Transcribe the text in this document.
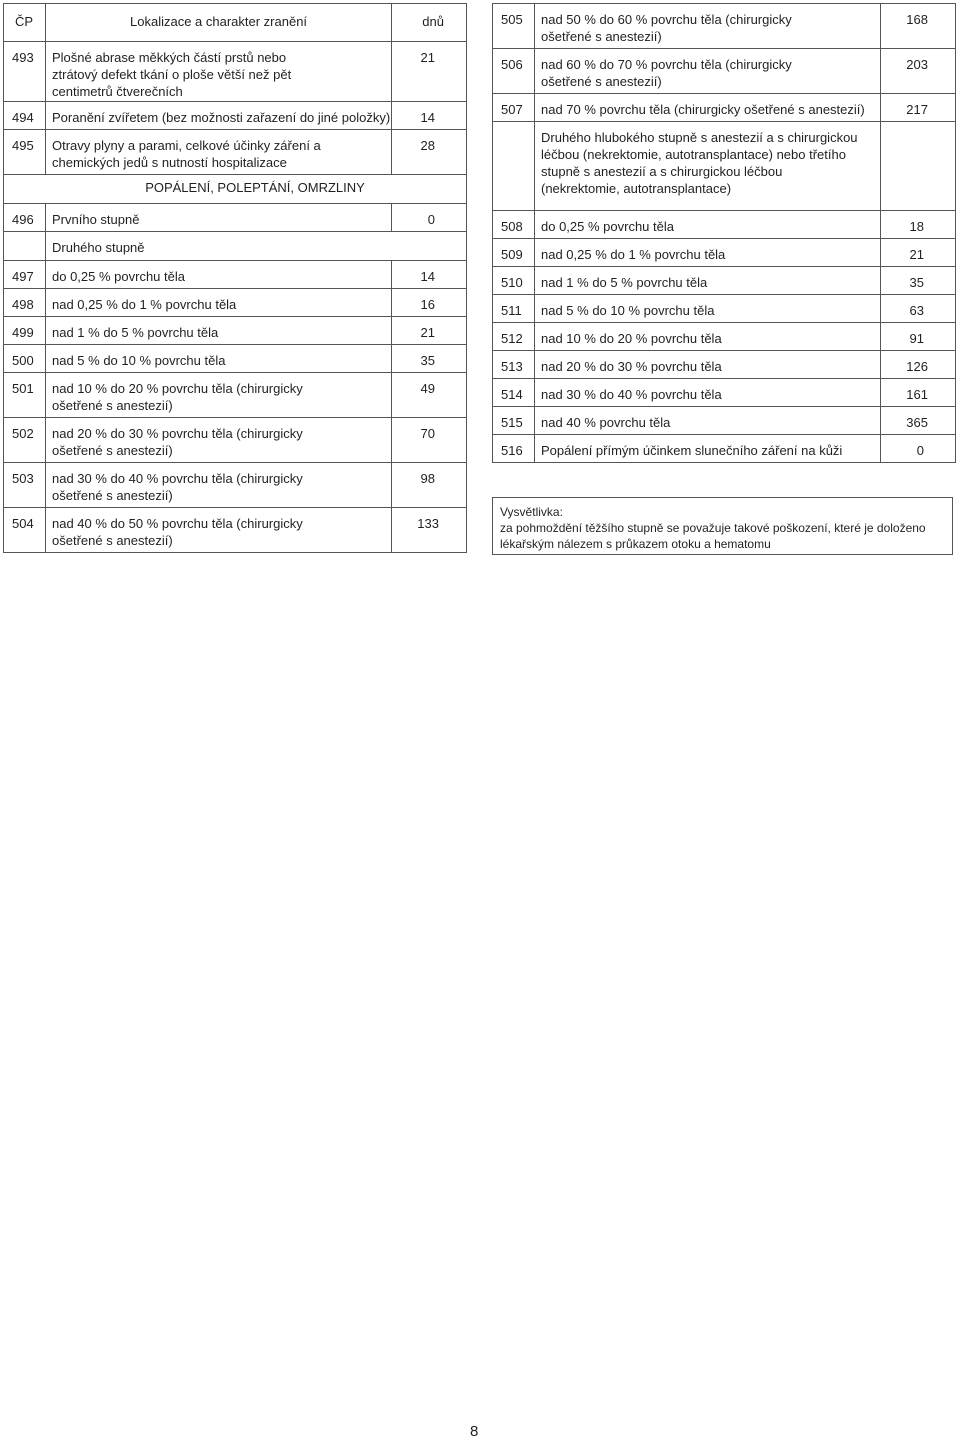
ČP	Lokalizace a charakter zranění	dnů
493	Plošné abrase měkkých částí prstů nebo ztrátový defekt tkání o ploše větší než pět centimetrů čtverečních	21
494	Poranění zvířetem (bez možnosti zařazení do jiné položky)	14
495	Otravy plyny a parami, celkové účinky záření a chemických jedů s nutností hospitalizace	28
POPÁLENÍ, POLEPTÁNÍ, OMRZLINY		
496	Prvního stupně	0
	Druhého stupně	
497	do 0,25 % povrchu těla	14
498	nad 0,25 % do 1 % povrchu těla	16
499	nad 1 % do 5 % povrchu těla	21
500	nad 5 % do 10 % povrchu těla	35
501	nad 10 % do 20 % povrchu těla (chirurgicky ošetřené s anestezií)	49
502	nad 20 % do 30 % povrchu těla (chirurgicky ošetřené s anestezií)	70
503	nad 30 % do 40 % povrchu těla (chirurgicky ošetřené s anestezií)	98
504	nad 40 % do 50 % povrchu těla (chirurgicky ošetřené s anestezií)	133
505	nad 50 % do 60 % povrchu těla (chirurgicky ošetřené s anestezií)	168
506	nad 60 % do 70 % povrchu těla (chirurgicky ošetřené s anestezií)	203
507	nad 70 % povrchu těla (chirurgicky ošetřené s anestezií)	217
	Druhého hlubokého stupně s anestezií a s chirurgickou léčbou (nekrektomie, autotransplantace) nebo třetího stupně s anestezií a s chirurgickou léčbou (nekrektomie, autotransplantace)	
508	do 0,25 % povrchu těla	18
509	nad 0,25 % do 1 % povrchu těla	21
510	nad 1 % do 5 % povrchu těla	35
511	nad 5 % do 10 % povrchu těla	63
512	nad 10 % do 20 % povrchu těla	91
513	nad 20 % do 30 % povrchu těla	126
514	nad 30 % do 40 % povrchu těla	161
515	nad 40 % povrchu těla	365
516	Popálení přímým účinkem slunečního záření na kůži	0
Vysvětlivka:
za pohmoždění těžšího stupně se považuje takové poškození, které je doloženo lékařským nálezem s průkazem otoku a hematomu
8
